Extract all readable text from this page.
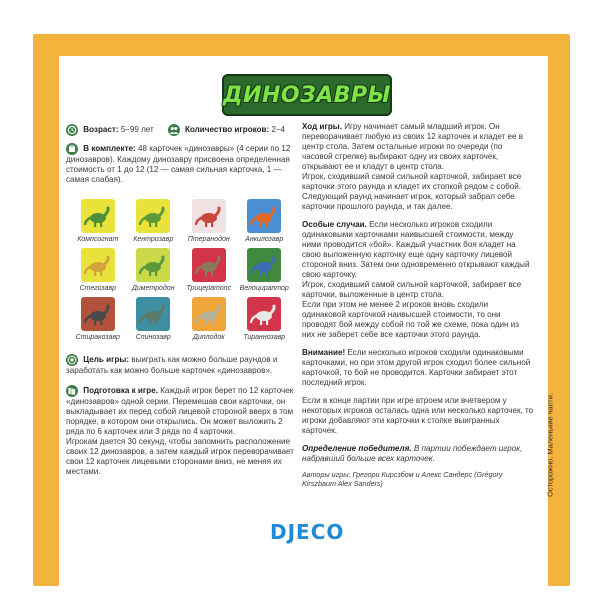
Осторожно. Маленькие части.
ДИНОЗАВРЫ
Возраст: 5–99 лет	Количество игроков: 2–4

В комплекте: 48 карточек «динозавры» (4 серии по 12 динозавров). Каждому динозавру присвоена определенная стоимость от 1 до 12 (12 — самая сильная карточка, 1 — самая слабая).

Компсогнат Кентрозавр Птеранодон Анкилозавр
Стегозавр Диметродон Трицератопс Велоцираптор
Стиракозавр Спинозавр	Диплодок	Тираннозавр

Цель игры: выиграть как можно больше раундов и заработать как можно больше карточек «динозавров».

Подготовка к игре. Каждый игрок берет по 12 карточек «динозавров» одной серии. Перемешав свои карточки, он выкладывает их перед собой лицевой стороной вверх в том порядке, в котором они открылись. Он может выложить 2 ряда по 6 карточек или 3 ряда по 4 карточки.

Игрокам дается 30 секунд, чтобы запомнить расположение своих 12 динозавров, а затем каждый игрок переворачивает свои 12 карточек лицевыми сторонами вниз, не меняя их местами.

Ход игры. Игру начинает самый младший игрок. Он переворачивает любую из своих 12 карточек и кладет ее в центр стола. Затем остальные игроки по очереди (по часовой стрелке) выбирают одну из своих карточек, открывают ее и кладут в центр стола.

Игрок, сходивший самой сильной карточкой, забирает все карточки этого раунда и кладет их стопкой рядом с собой.

Следующий раунд начинает игрок, который забрал себе карточки прошлого раунда, и так далее.

Особые случаи. Если несколько игроков сходили одинаковыми карточками наивысшей стоимости, между ними проводится «бой». Каждый участник боя кладет на свою выложенную карточку еще одну карточку лицевой стороной вниз. Затем они одновременно открывают каждый свою карточку.

Игрок, сходивший самой сильной карточкой, забирает все карточки, выложенные в центр стола.

Если при этом не менее 2 игроков вновь сходили одинаковой карточкой наивысшей стоимости, то они проводят бой между собой по той же схеме, пока один из них не заберет себе все карточки этого раунда.

Внимание! Если несколько игроков сходили одинаковыми карточками, но при этом другой игрок сходил более сильной карточкой, то бой не проводится. Карточки забирает этот последний игрок.

Если в конце партии при игре втроем или вчетвером у некоторых игроков осталась одна или несколько карточек, то игроки добавляют эти карточки к стопке выигранных карточек.

Определение победителя. В партии побеждает игрок, набравший больше всех карточек.

Авторы игры: Грегори Кирсзбом и Алекс Сандерс (Grégory Kirszbaum Alex Sanders)

DJECO
